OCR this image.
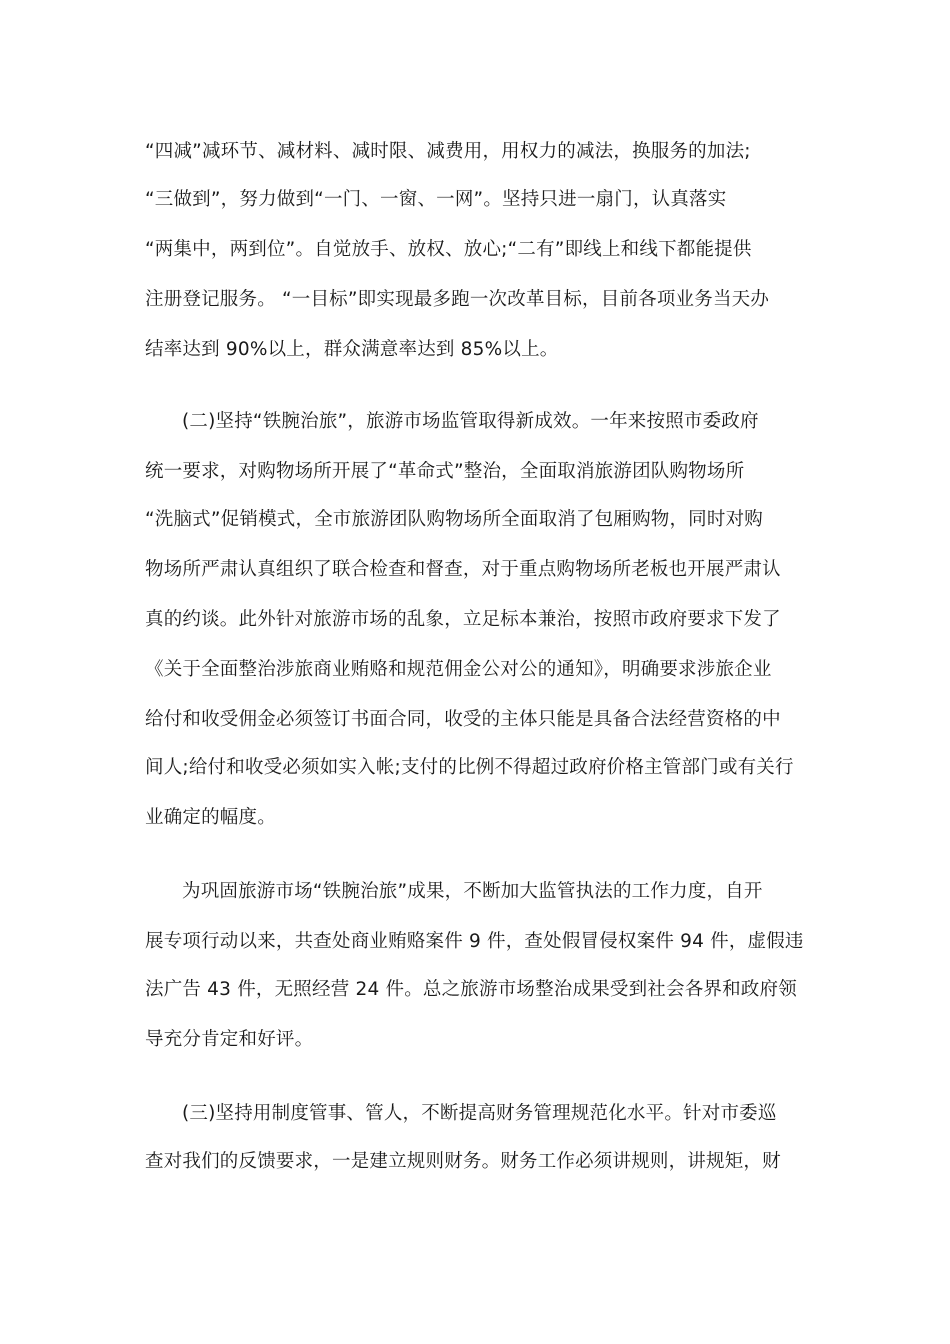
“四减”减环节、减材料、减时限、减费用，用权力的减法，换服务的加法;
“三做到”，努力做到“一门、一窗、一网”。坚持只进一扇门，认真落实
“两集中，两到位”。自觉放手、放权、放心;“二有”即线上和线下都能提供
注册登记服务。 “一目标”即实现最多跑一次改革目标，目前各项业务当天办
结率达到 90%以上，群众满意率达到 85%以上。
(二)坚持“铁腕治旅”，旅游市场监管取得新成效。一年来按照市委政府
统一要求，对购物场所开展了“革命式”整治，全面取消旅游团队购物场所
“洗脑式”促销模式，全市旅游团队购物场所全面取消了包厢购物，同时对购
物场所严肃认真组织了联合检查和督查，对于重点购物场所老板也开展严肃认
真的约谈。此外针对旅游市场的乱象，立足标本兼治，按照市政府要求下发了
《关于全面整治涉旅商业贿赂和规范佣金公对公的通知》，明确要求涉旅企业
给付和收受佣金必须签订书面合同，收受的主体只能是具备合法经营资格的中
间人;给付和收受必须如实入帐;支付的比例不得超过政府价格主管部门或有关行
业确定的幅度。
为巩固旅游市场“铁腕治旅”成果，不断加大监管执法的工作力度，自开
展专项行动以来，共查处商业贿赂案件 9 件，查处假冒侵权案件 94 件，虚假违
法广告 43 件，无照经营 24 件。总之旅游市场整治成果受到社会各界和政府领
导充分肯定和好评。
(三)坚持用制度管事、管人，不断提高财务管理规范化水平。针对市委巡
查对我们的反馈要求，一是建立规则财务。财务工作必须讲规则，讲规矩，财
